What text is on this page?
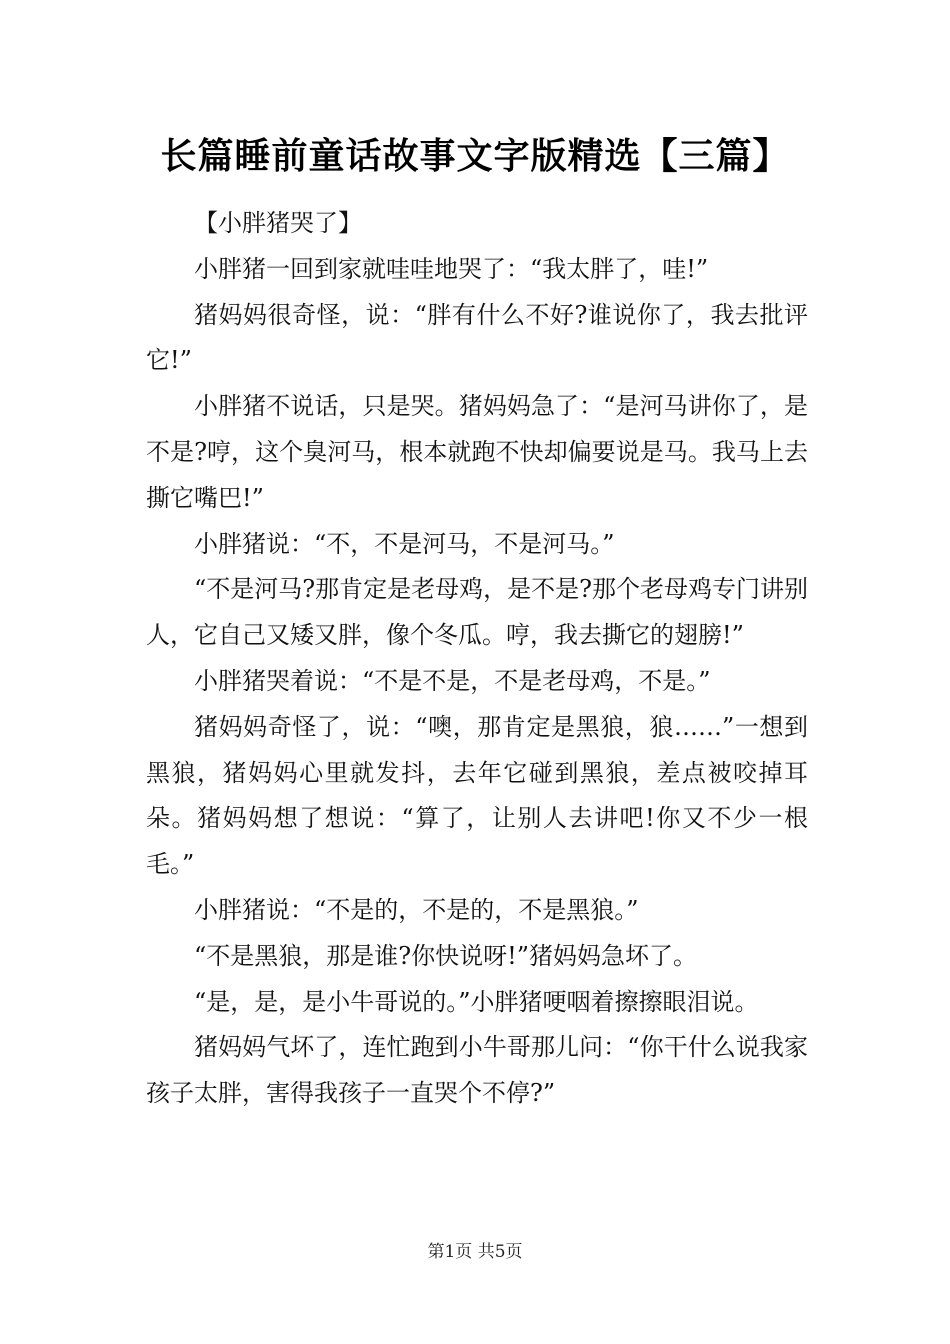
长篇睡前童话故事文字版精选【三篇】

【小胖猪哭了】

小胖猪一回到家就哇哇地哭了：“我太胖了，哇!”

猪妈妈很奇怪，说：“胖有什么不好?谁说你了，我去批评它!”

小胖猪不说话，只是哭。猪妈妈急了：“是河马讲你了，是不是?哼，这个臭河马，根本就跑不快却偏要说是马。我马上去撕它嘴巴!”

小胖猪说：“不，不是河马，不是河马。”

“不是河马?那肯定是老母鸡，是不是?那个老母鸡专门讲别人，它自己又矮又胖，像个冬瓜。哼，我去撕它的翅膀!”

小胖猪哭着说：“不是不是，不是老母鸡，不是。”

猪妈妈奇怪了，说：“噢，那肯定是黑狼，狼……”一想到黑狼，猪妈妈心里就发抖，去年它碰到黑狼，差点被咬掉耳朵。猪妈妈想了想说：“算了，让别人去讲吧!你又不少一根毛。”

小胖猪说：“不是的，不是的，不是黑狼。”

“不是黑狼，那是谁?你快说呀!”猪妈妈急坏了。

“是，是，是小牛哥说的。”小胖猪哽咽着擦擦眼泪说。

猪妈妈气坏了，连忙跑到小牛哥那儿问：“你干什么说我家孩子太胖，害得我孩子一直哭个不停?”

第1页 共5页
